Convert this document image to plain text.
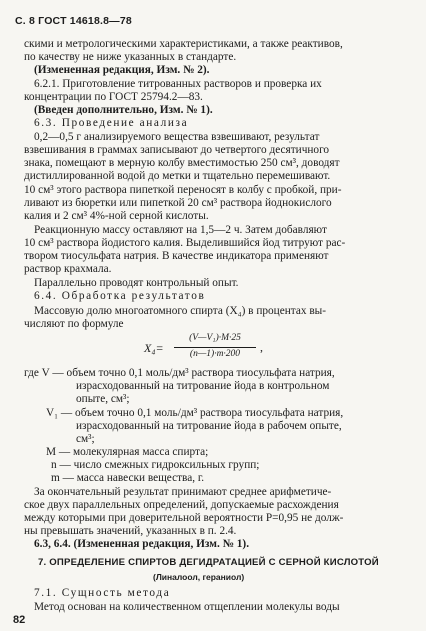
С. 8 ГОСТ 14618.8—78
скими и метрологическими характеристиками, а также реактивов,
по качеству не ниже указанных в стандарте.
(Измененная редакция, Изм. № 2).
6.2.1. Приготовление титрованных растворов и проверка их
концентрации по ГОСТ 25794.2—83.
(Введен дополнительно, Изм. № 1).
6.3. Проведение анализа
0,2—0,5 г анализируемого вещества взвешивают, результат
взвешивания в граммах записывают до четвертого десятичного
знака, помещают в мерную колбу вместимостью 250 см³, доводят
дистиллированной водой до метки и тщательно перемешивают.
10 см³ этого раствора пипеткой переносят в колбу с пробкой, при-
ливают из бюретки или пипеткой 20 см³ раствора йоднокислого
калия и 2 см³ 4%-ной серной кислоты.
Реакционную массу оставляют на 1,5—2 ч. Затем добавляют
10 см³ раствора йодистого калия. Выделившийся йод титруют рас-
твором тиосульфата натрия. В качестве индикатора применяют
раствор крахмала.
Параллельно проводят контрольный опыт.
6.4. Обработка результатов
Массовую долю многоатомного спирта (X₄) в процентах вы-
числяют по формуле
X₄=
(V—V₁)·M·25
(n—1)·m·200	,
где V — объем точно 0,1 моль/дм³ раствора тиосульфата натрия,
израсходованный на титрование йода в контрольном
опыте, см³;
V₁ — объем точно 0,1 моль/дм³ раствора тиосульфата натрия,
израсходованный на титрование йода в рабочем опыте,
см³;
M — молекулярная масса спирта;
n — число смежных гидроксильных групп;
m — масса навески вещества, г.
За окончательный результат принимают среднее арифметиче-
ское двух параллельных определений, допускаемые расхождения
между которыми при доверительной вероятности P=0,95 не долж-
ны превышать значений, указанных в п. 2.4.
6.3, 6.4. (Измененная редакция, Изм. № 1).
7. ОПРЕДЕЛЕНИЕ СПИРТОВ ДЕГИДРАТАЦИЕЙ С СЕРНОЙ КИСЛОТОЙ
(Линалоол, гераниол)
7.1. Сущность метода
Метод основан на количественном отщеплении молекулы воды
82
